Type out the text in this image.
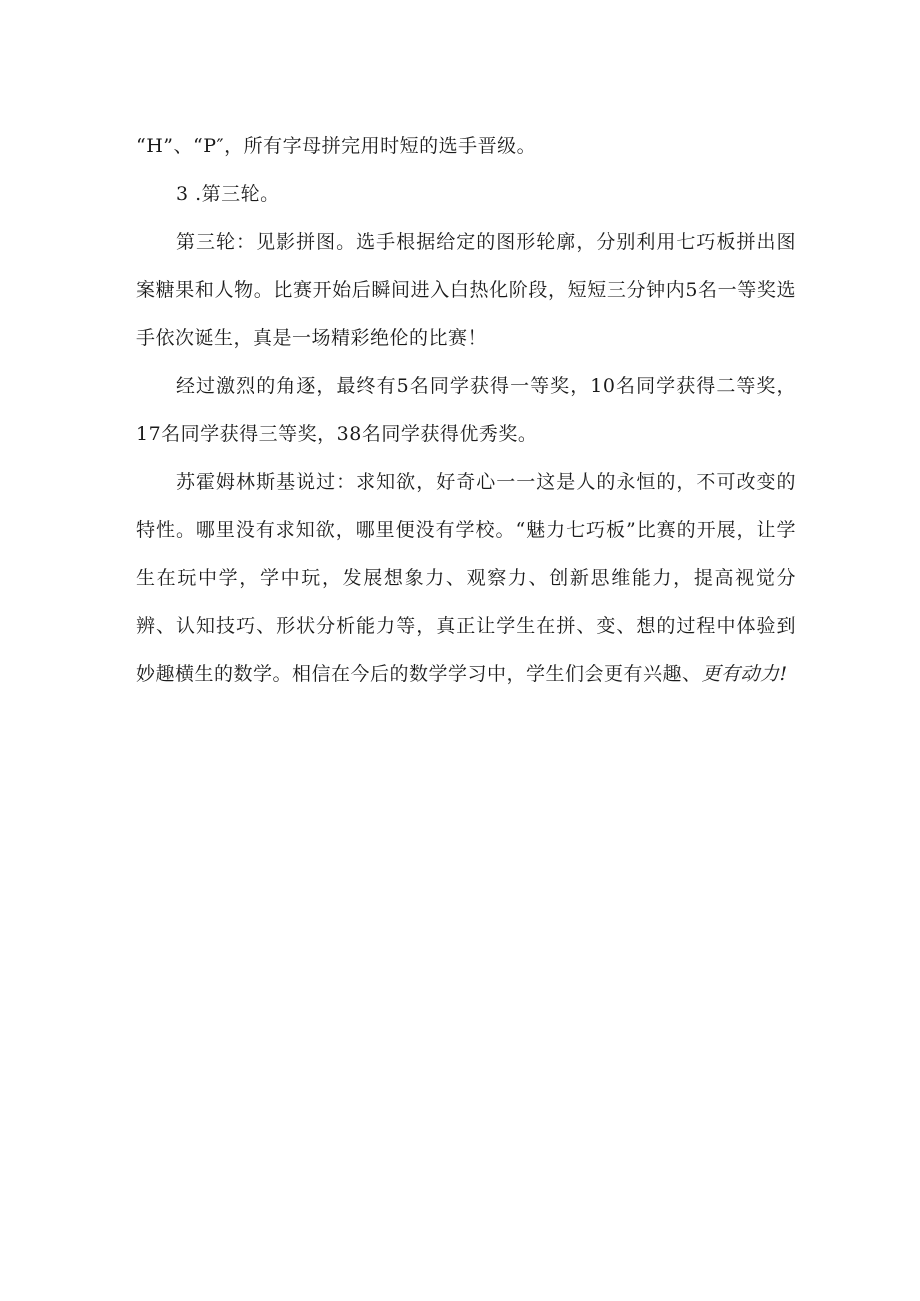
“H”、“P″，所有字母拼完用时短的选手晋级。

3 .第三轮。

第三轮：见影拼图。选手根据给定的图形轮廓，分别利用七巧板拼出图案糖果和人物。比赛开始后瞬间进入白热化阶段，短短三分钟内5名一等奖选手依次诞生，真是一场精彩绝伦的比赛！

经过激烈的角逐，最终有5名同学获得一等奖，10名同学获得二等奖，17名同学获得三等奖，38名同学获得优秀奖。

苏霍姆林斯基说过：求知欲，好奇心一一这是人的永恒的，不可改变的特性。哪里没有求知欲，哪里便没有学校。“魅力七巧板”比赛的开展，让学生在玩中学，学中玩，发展想象力、观察力、创新思维能力，提高视觉分辨、认知技巧、形状分析能力等，真正让学生在拼、变、想的过程中体验到妙趣横生的数学。相信在今后的数学学习中，学生们会更有兴趣、更有动力!
